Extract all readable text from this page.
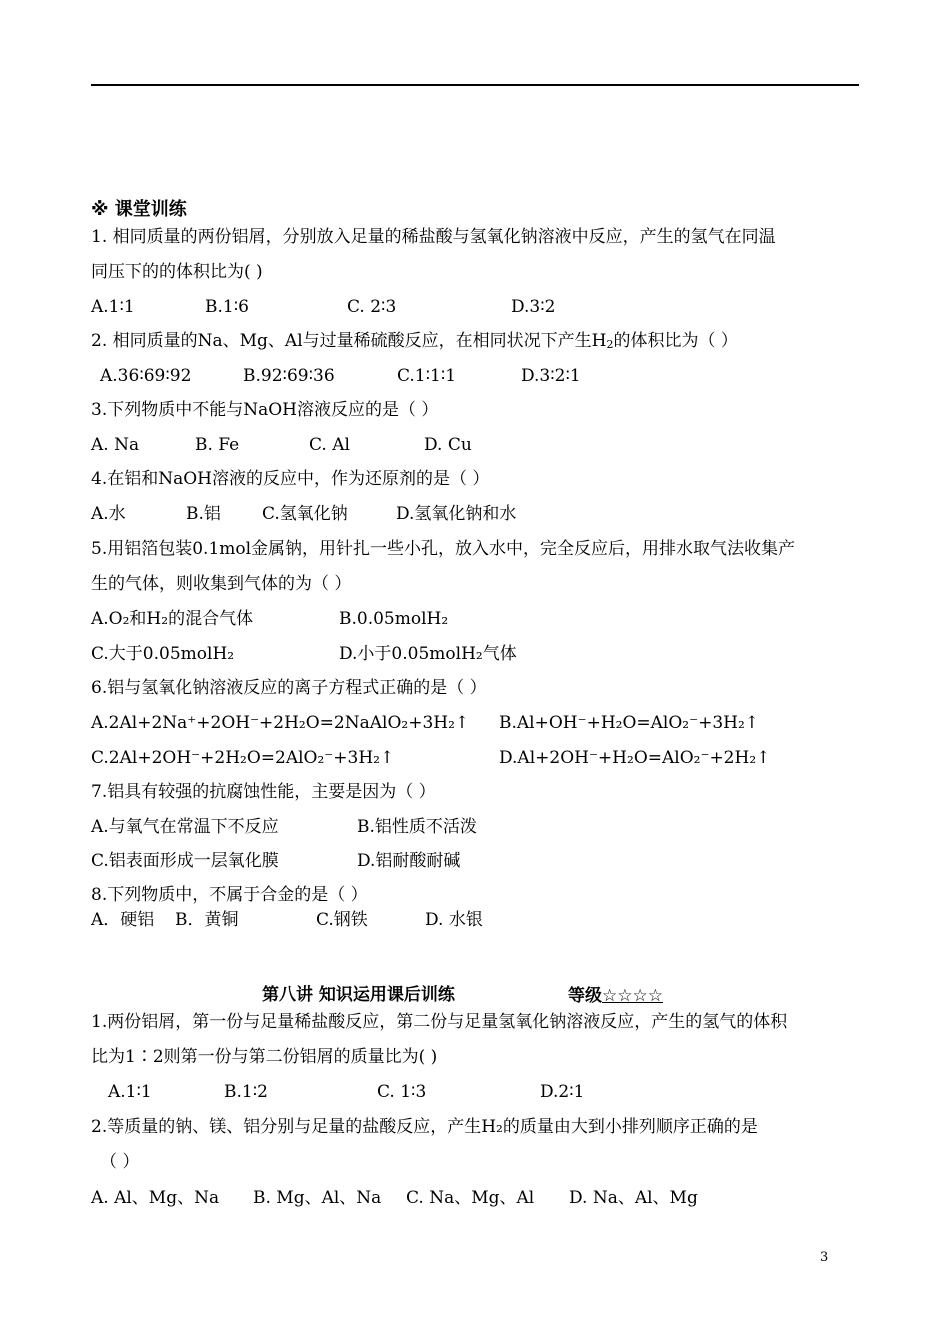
※ 课堂训练
1. 相同质量的两份铝屑，分别放入足量的稀盐酸与氢氧化钠溶液中反应，产生的氢气在同温
同压下的的体积比为( )
A.1∶1	B.1∶6	C. 2∶3	D.3∶2
2. 相同质量的Na、Mg、Al与过量稀硫酸反应，在相同状况下产生$H_2$的体积比为（ ）
A.36∶69∶92	B.92∶69∶36	C.1∶1∶1	D.3∶2∶1
3.下列物质中不能与NaOH溶液反应的是（ ）
A. Na	B. Fe	C. Al	D. Cu
4.在铝和NaOH溶液的反应中，作为还原剂的是（ ）
A.水	B.铝 C.氢氧化钠	D.氢氧化钠和水
5.用铝箔包装0.1mol金属钠，用针扎一些小孔，放入水中，完全反应后，用排水取气法收集产
生的气体，则收集到气体的为（ ）
A.O₂和H₂的混合气体	B.0.05molH₂
C.大于0.05molH₂	D.小于0.05molH₂气体
6.铝与氢氧化钠溶液反应的离子方程式正确的是（ ）
A.2Al+2Na⁺+2OH⁻+2H₂O=2NaAlO₂+3H₂↑ B.Al+OH⁻+H₂O=AlO₂⁻+3H₂↑
C.2Al+2OH⁻+2H₂O=2AlO₂⁻+3H₂↑	D.Al+2OH⁻+H₂O=AlO₂⁻+2H₂↑
7.铝具有较强的抗腐蚀性能，主要是因为（ ）
A.与氧气在常温下不反应	B.铝性质不活泼
C.铝表面形成一层氧化膜	D.铝耐酸耐碱
8.下列物质中，不属于合金的是（ ）
A．硬铝 B．黄铜	C.钢铁	D. 水银
第八讲 知识运用课后训练	等级☆☆☆☆
1.两份铝屑，第一份与足量稀盐酸反应，第二份与足量氢氧化钠溶液反应，产生的氢气的体积
比为1∶2则第一份与第二份铝屑的质量比为( )
A.1∶1	B.1∶2	C. 1∶3	D.2∶1
2.等质量的钠、镁、铝分别与足量的盐酸反应，产生H₂的质量由大到小排列顺序正确的是
（ ）
A. Al、Mg、Na B. Mg、Al、Na C. Na、Mg、Al D. Na、Al、Mg
3
